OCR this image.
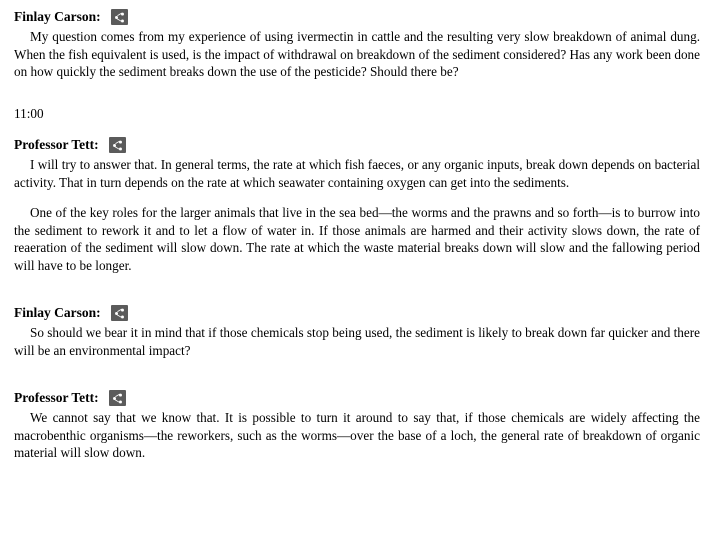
Finlay Carson:

My question comes from my experience of using ivermectin in cattle and the resulting very slow breakdown of animal dung. When the fish equivalent is used, is the impact of withdrawal on breakdown of the sediment considered? Has any work been done on how quickly the sediment breaks down the use of the pesticide? Should there be?

11:00
Professor Tett:

I will try to answer that. In general terms, the rate at which fish faeces, or any organic inputs, break down depends on bacterial activity. That in turn depends on the rate at which seawater containing oxygen can get into the sediments.

One of the key roles for the larger animals that live in the sea bed—the worms and the prawns and so forth—is to burrow into the sediment to rework it and to let a flow of water in. If those animals are harmed and their activity slows down, the rate of reaeration of the sediment will slow down. The rate at which the waste material breaks down will slow and the fallowing period will have to be longer.

Finlay Carson:

So should we bear it in mind that if those chemicals stop being used, the sediment is likely to break down far quicker and there will be an environmental impact?

Professor Tett:

We cannot say that we know that. It is possible to turn it around to say that, if those chemicals are widely affecting the macrobenthic organisms—the reworkers, such as the worms—over the base of a loch, the general rate of breakdown of organic material will slow down.
